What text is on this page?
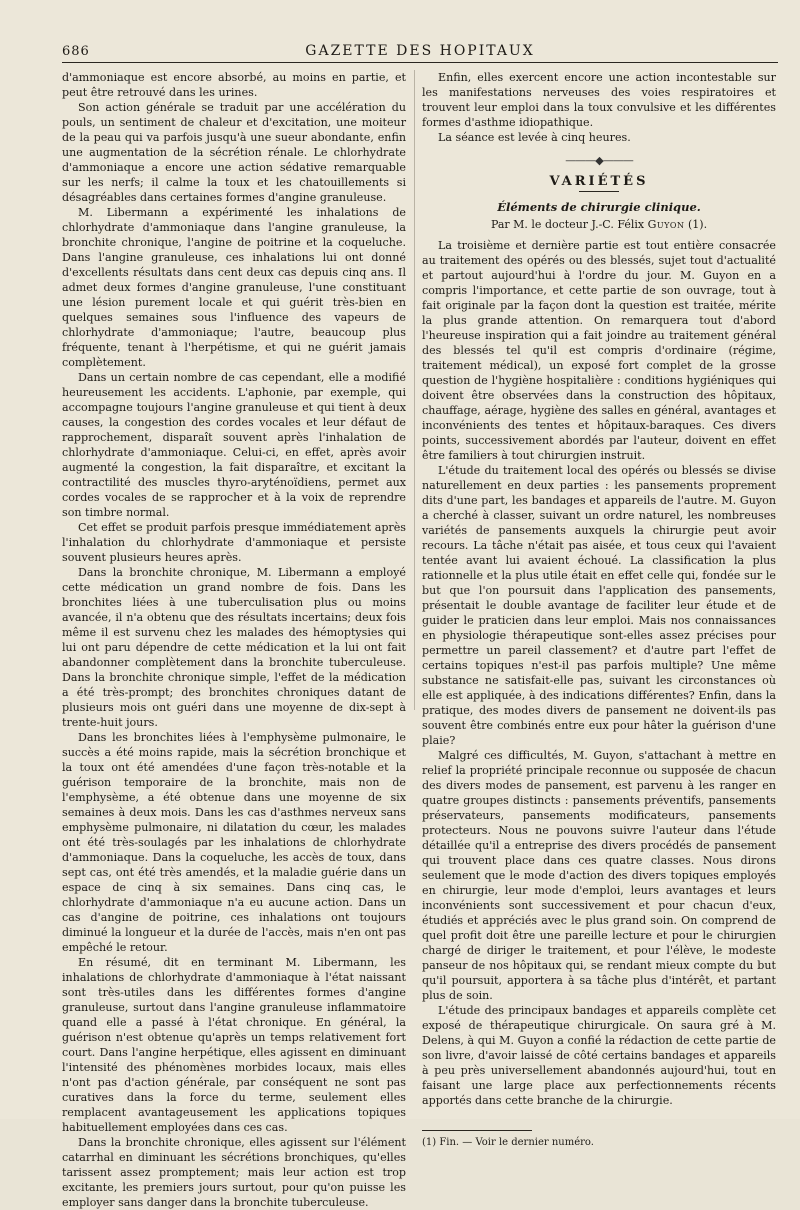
686	GAZETTE DES HOPITAUX

d'ammoniaque est encore absorbé, au moins en partie, et peut être retrouvé dans les urines.

Son action générale se traduit par une accélération du pouls, un sentiment de chaleur et d'excitation, une moiteur de la peau qui va parfois jusqu'à une sueur abondante, enfin une augmentation de la sécrétion rénale. Le chlorhydrate d'ammoniaque a encore une action sédative remarquable sur les nerfs; il calme la toux et les chatouillements si désagréables dans certaines formes d'angine granuleuse.

M. Libermann a expérimenté les inhalations de chlorhydrate d'ammoniaque dans l'angine granuleuse, la bronchite chronique, l'angine de poitrine et la coqueluche. Dans l'angine granuleuse, ces inhalations lui ont donné d'excellents résultats dans cent deux cas depuis cinq ans. Il admet deux formes d'angine granuleuse, l'une constituant une lésion purement locale et qui guérit très-bien en quelques semaines sous l'influence des vapeurs de chlorhydrate d'ammoniaque; l'autre, beaucoup plus fréquente, tenant à l'herpétisme, et qui ne guérit jamais complètement.

Dans un certain nombre de cas cependant, elle a modifié heureusement les accidents. L'aphonie, par exemple, qui accompagne toujours l'angine granuleuse et qui tient à deux causes, la congestion des cordes vocales et leur défaut de rapprochement, disparaît souvent après l'inhalation de chlorhydrate d'ammoniaque. Celui-ci, en effet, après avoir augmenté la congestion, la fait disparaître, et excitant la contractilité des muscles thyro-aryténoïdiens, permet aux cordes vocales de se rapprocher et à la voix de reprendre son timbre normal.

Cet effet se produit parfois presque immédiatement après l'inhalation du chlorhydrate d'ammoniaque et persiste souvent plusieurs heures après.

Dans la bronchite chronique, M. Libermann a employé cette médication un grand nombre de fois. Dans les bronchites liées à une tuberculisation plus ou moins avancée, il n'a obtenu que des résultats incertains; deux fois même il est survenu chez les malades des hémoptysies qui lui ont paru dépendre de cette médication et la lui ont fait abandonner complètement dans la bronchite tuberculeuse. Dans la bronchite chronique simple, l'effet de la médication a été très-prompt; des bronchites chroniques datant de plusieurs mois ont guéri dans une moyenne de dix-sept à trente-huit jours.

Dans les bronchites liées à l'emphysème pulmonaire, le succès a été moins rapide, mais la sécrétion bronchique et la toux ont été amendées d'une façon très-notable et la guérison temporaire de la bronchite, mais non de l'emphysème, a été obtenue dans une moyenne de six semaines à deux mois. Dans les cas d'asthmes nerveux sans emphysème pulmonaire, ni dilatation du cœur, les malades ont été très-soulagés par les inhalations de chlorhydrate d'ammoniaque. Dans la coqueluche, les accès de toux, dans sept cas, ont été très amendés, et la maladie guérie dans un espace de cinq à six semaines. Dans cinq cas, le chlorhydrate d'ammoniaque n'a eu aucune action. Dans un cas d'angine de poitrine, ces inhalations ont toujours diminué la longueur et la durée de l'accès, mais n'en ont pas empêché le retour.

En résumé, dit en terminant M. Libermann, les inhalations de chlorhydrate d'ammoniaque à l'état naissant sont très-utiles dans les différentes formes d'angine granuleuse, surtout dans l'angine granuleuse inflammatoire quand elle a passé à l'état chronique. En général, la guérison n'est obtenue qu'après un temps relativement fort court. Dans l'angine herpétique, elles agissent en diminuant l'intensité des phénomènes morbides locaux, mais elles n'ont pas d'action générale, par conséquent ne sont pas curatives dans la force du terme, seulement elles remplacent avantageusement les applications topiques habituellement employées dans ces cas.

Dans la bronchite chronique, elles agissent sur l'élément catarrhal en diminuant les sécrétions bronchiques, qu'elles tarissent assez promptement; mais leur action est trop excitante, les premiers jours surtout, pour qu'on puisse les employer sans danger dans la bronchite tuberculeuse.

Enfin, elles exercent encore une action incontestable sur les manifestations nerveuses des voies respiratoires et trouvent leur emploi dans la toux convulsive et les différentes formes d'asthme idiopathique.

La séance est levée à cinq heures.

———◆———
VARIÉTÉS
Éléments de chirurgie clinique.
Par M. le docteur J.-C. Félix Guyon (1).

La troisième et dernière partie est tout entière consacrée au traitement des opérés ou des blessés, sujet tout d'actualité et partout aujourd'hui à l'ordre du jour. M. Guyon en a compris l'importance, et cette partie de son ouvrage, tout à fait originale par la façon dont la question est traitée, mérite la plus grande attention. On remarquera tout d'abord l'heureuse inspiration qui a fait joindre au traitement général des blessés tel qu'il est compris d'ordinaire (régime, traitement médical), un exposé fort complet de la grosse question de l'hygiène hospitalière : conditions hygiéniques qui doivent être observées dans la construction des hôpitaux, chauffage, aérage, hygiène des salles en général, avantages et inconvénients des tentes et hôpitaux-baraques. Ces divers points, successivement abordés par l'auteur, doivent en effet être familiers à tout chirurgien instruit.

L'étude du traitement local des opérés ou blessés se divise naturellement en deux parties : les pansements proprement dits d'une part, les bandages et appareils de l'autre. M. Guyon a cherché à classer, suivant un ordre naturel, les nombreuses variétés de pansements auxquels la chirurgie peut avoir recours. La tâche n'était pas aisée, et tous ceux qui l'avaient tentée avant lui avaient échoué. La classification la plus rationnelle et la plus utile était en effet celle qui, fondée sur le but que l'on poursuit dans l'application des pansements, présentait le double avantage de faciliter leur étude et de guider le praticien dans leur emploi. Mais nos connaissances en physiologie thérapeutique sont-elles assez précises pour permettre un pareil classement? et d'autre part l'effet de certains topiques n'est-il pas parfois multiple? Une même substance ne satisfait-elle pas, suivant les circonstances où elle est appliquée, à des indications différentes? Enfin, dans la pratique, des modes divers de pansement ne doivent-ils pas souvent être combinés entre eux pour hâter la guérison d'une plaie?

Malgré ces difficultés, M. Guyon, s'attachant à mettre en relief la propriété principale reconnue ou supposée de chacun des divers modes de pansement, est parvenu à les ranger en quatre groupes distincts : pansements préventifs, pansements préservateurs, pansements modificateurs, pansements protecteurs. Nous ne pouvons suivre l'auteur dans l'étude détaillée qu'il a entreprise des divers procédés de pansement qui trouvent place dans ces quatre classes. Nous dirons seulement que le mode d'action des divers topiques employés en chirurgie, leur mode d'emploi, leurs avantages et leurs inconvénients sont successivement et pour chacun d'eux, étudiés et appréciés avec le plus grand soin. On comprend de quel profit doit être une pareille lecture et pour le chirurgien chargé de diriger le traitement, et pour l'élève, le modeste panseur de nos hôpitaux qui, se rendant mieux compte du but qu'il poursuit, apportera à sa tâche plus d'intérêt, et partant plus de soin.

L'étude des principaux bandages et appareils complète cet exposé de thérapeutique chirurgicale. On saura gré à M. Delens, à qui M. Guyon a confié la rédaction de cette partie de son livre, d'avoir laissé de côté certains bandages et appareils à peu près universellement abandonnés aujourd'hui, tout en faisant une large place aux perfectionnements récents apportés dans cette branche de la chirurgie.

(1) Fin. — Voir le dernier numéro.
